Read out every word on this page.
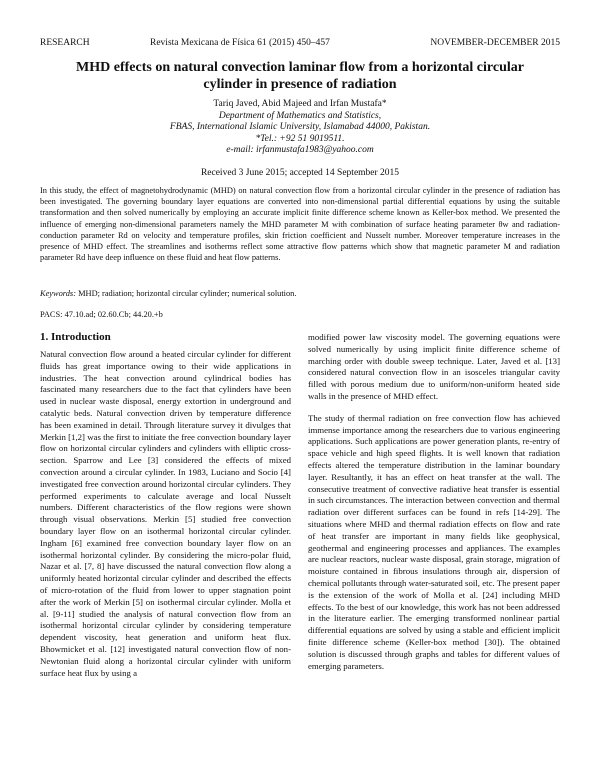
RESEARCH	Revista Mexicana de Física 61 (2015) 450–457	NOVEMBER-DECEMBER 2015
MHD effects on natural convection laminar flow from a horizontal circular cylinder in presence of radiation
Tariq Javed, Abid Majeed and Irfan Mustafa*
Department of Mathematics and Statistics,
FBAS, International Islamic University, Islamabad 44000, Pakistan.
*Tel.: +92 51 9019511.
e-mail: irfanmustafa1983@yahoo.com
Received 3 June 2015; accepted 14 September 2015

In this study, the effect of magnetohydrodynamic (MHD) on natural convection flow from a horizontal circular cylinder in the presence of radiation has been investigated. The governing boundary layer equations are converted into non-dimensional partial differential equations by using the suitable transformation and then solved numerically by employing an accurate implicit finite difference scheme known as Keller-box method. We presented the influence of emerging non-dimensional parameters namely the MHD parameter M with combination of surface heating parameter θw and radiation-conduction parameter Rd on velocity and temperature profiles, skin friction coefficient and Nusselt number. Moreover temperature increases in the presence of MHD effect. The streamlines and isotherms reflect some attractive flow patterns which show that magnetic parameter M and radiation parameter Rd have deep influence on these fluid and heat flow patterns.

Keywords: MHD; radiation; horizontal circular cylinder; numerical solution.
PACS: 47.10.ad; 02.60.Cb; 44.20.+b
1. Introduction

Natural convection flow around a heated circular cylinder for different fluids has great importance owing to their wide applications in industries. The heat convection around cylindrical bodies has fascinated many researchers due to the fact that cylinders have been used in nuclear waste disposal, energy extortion in underground and catalytic beds. Natural convection driven by temperature difference has been examined in detail. Through literature survey it divulges that Merkin [1,2] was the first to initiate the free convection boundary layer flow on horizontal circular cylinders and cylinders with elliptic cross-section. Sparrow and Lee [3] considered the effects of mixed convection around a circular cylinder. In 1983, Luciano and Socio [4] investigated free convection around horizontal circular cylinders. They performed experiments to calculate average and local Nusselt numbers. Different characteristics of the flow regions were shown through visual observations. Merkin [5] studied free convection boundary layer flow on an isothermal horizontal circular cylinder. Ingham [6] examined free convection boundary layer flow on an isothermal horizontal cylinder. By considering the micro-polar fluid, Nazar et al. [7, 8] have discussed the natural convection flow along a uniformly heated horizontal circular cylinder and described the effects of micro-rotation of the fluid from lower to upper stagnation point after the work of Merkin [5] on isothermal circular cylinder. Molla et al. [9-11] studied the analysis of natural convection flow from an isothermal horizontal circular cylinder by considering temperature dependent viscosity, heat generation and uniform heat flux. Bhowmicket et al. [12] investigated natural convection flow of non-Newtonian fluid along a horizontal circular cylinder with uniform surface heat flux by using a

modified power law viscosity model. The governing equations were solved numerically by using implicit finite difference scheme of marching order with double sweep technique. Later, Javed et al. [13] considered natural convection flow in an isosceles triangular cavity filled with porous medium due to uniform/non-uniform heated side walls in the presence of MHD effect.

The study of thermal radiation on free convection flow has achieved immense importance among the researchers due to various engineering applications. Such applications are power generation plants, re-entry of space vehicle and high speed flights. It is well known that radiation effects altered the temperature distribution in the laminar boundary layer. Resultantly, it has an effect on heat transfer at the wall. The consecutive treatment of convective radiative heat transfer is essential in such circumstances. The interaction between convection and thermal radiation over different surfaces can be found in refs [14-29]. The situations where MHD and thermal radiation effects on flow and rate of heat transfer are important in many fields like geophysical, geothermal and engineering processes and appliances. The examples are nuclear reactors, nuclear waste disposal, grain storage, migration of moisture contained in fibrous insulations through air, dispersion of chemical pollutants through water-saturated soil, etc. The present paper is the extension of the work of Molla et al. [24] including MHD effects. To the best of our knowledge, this work has not been addressed in the literature earlier. The emerging transformed nonlinear partial differential equations are solved by using a stable and efficient implicit finite difference scheme (Keller-box method [30]). The obtained solution is discussed through graphs and tables for different values of emerging parameters.
